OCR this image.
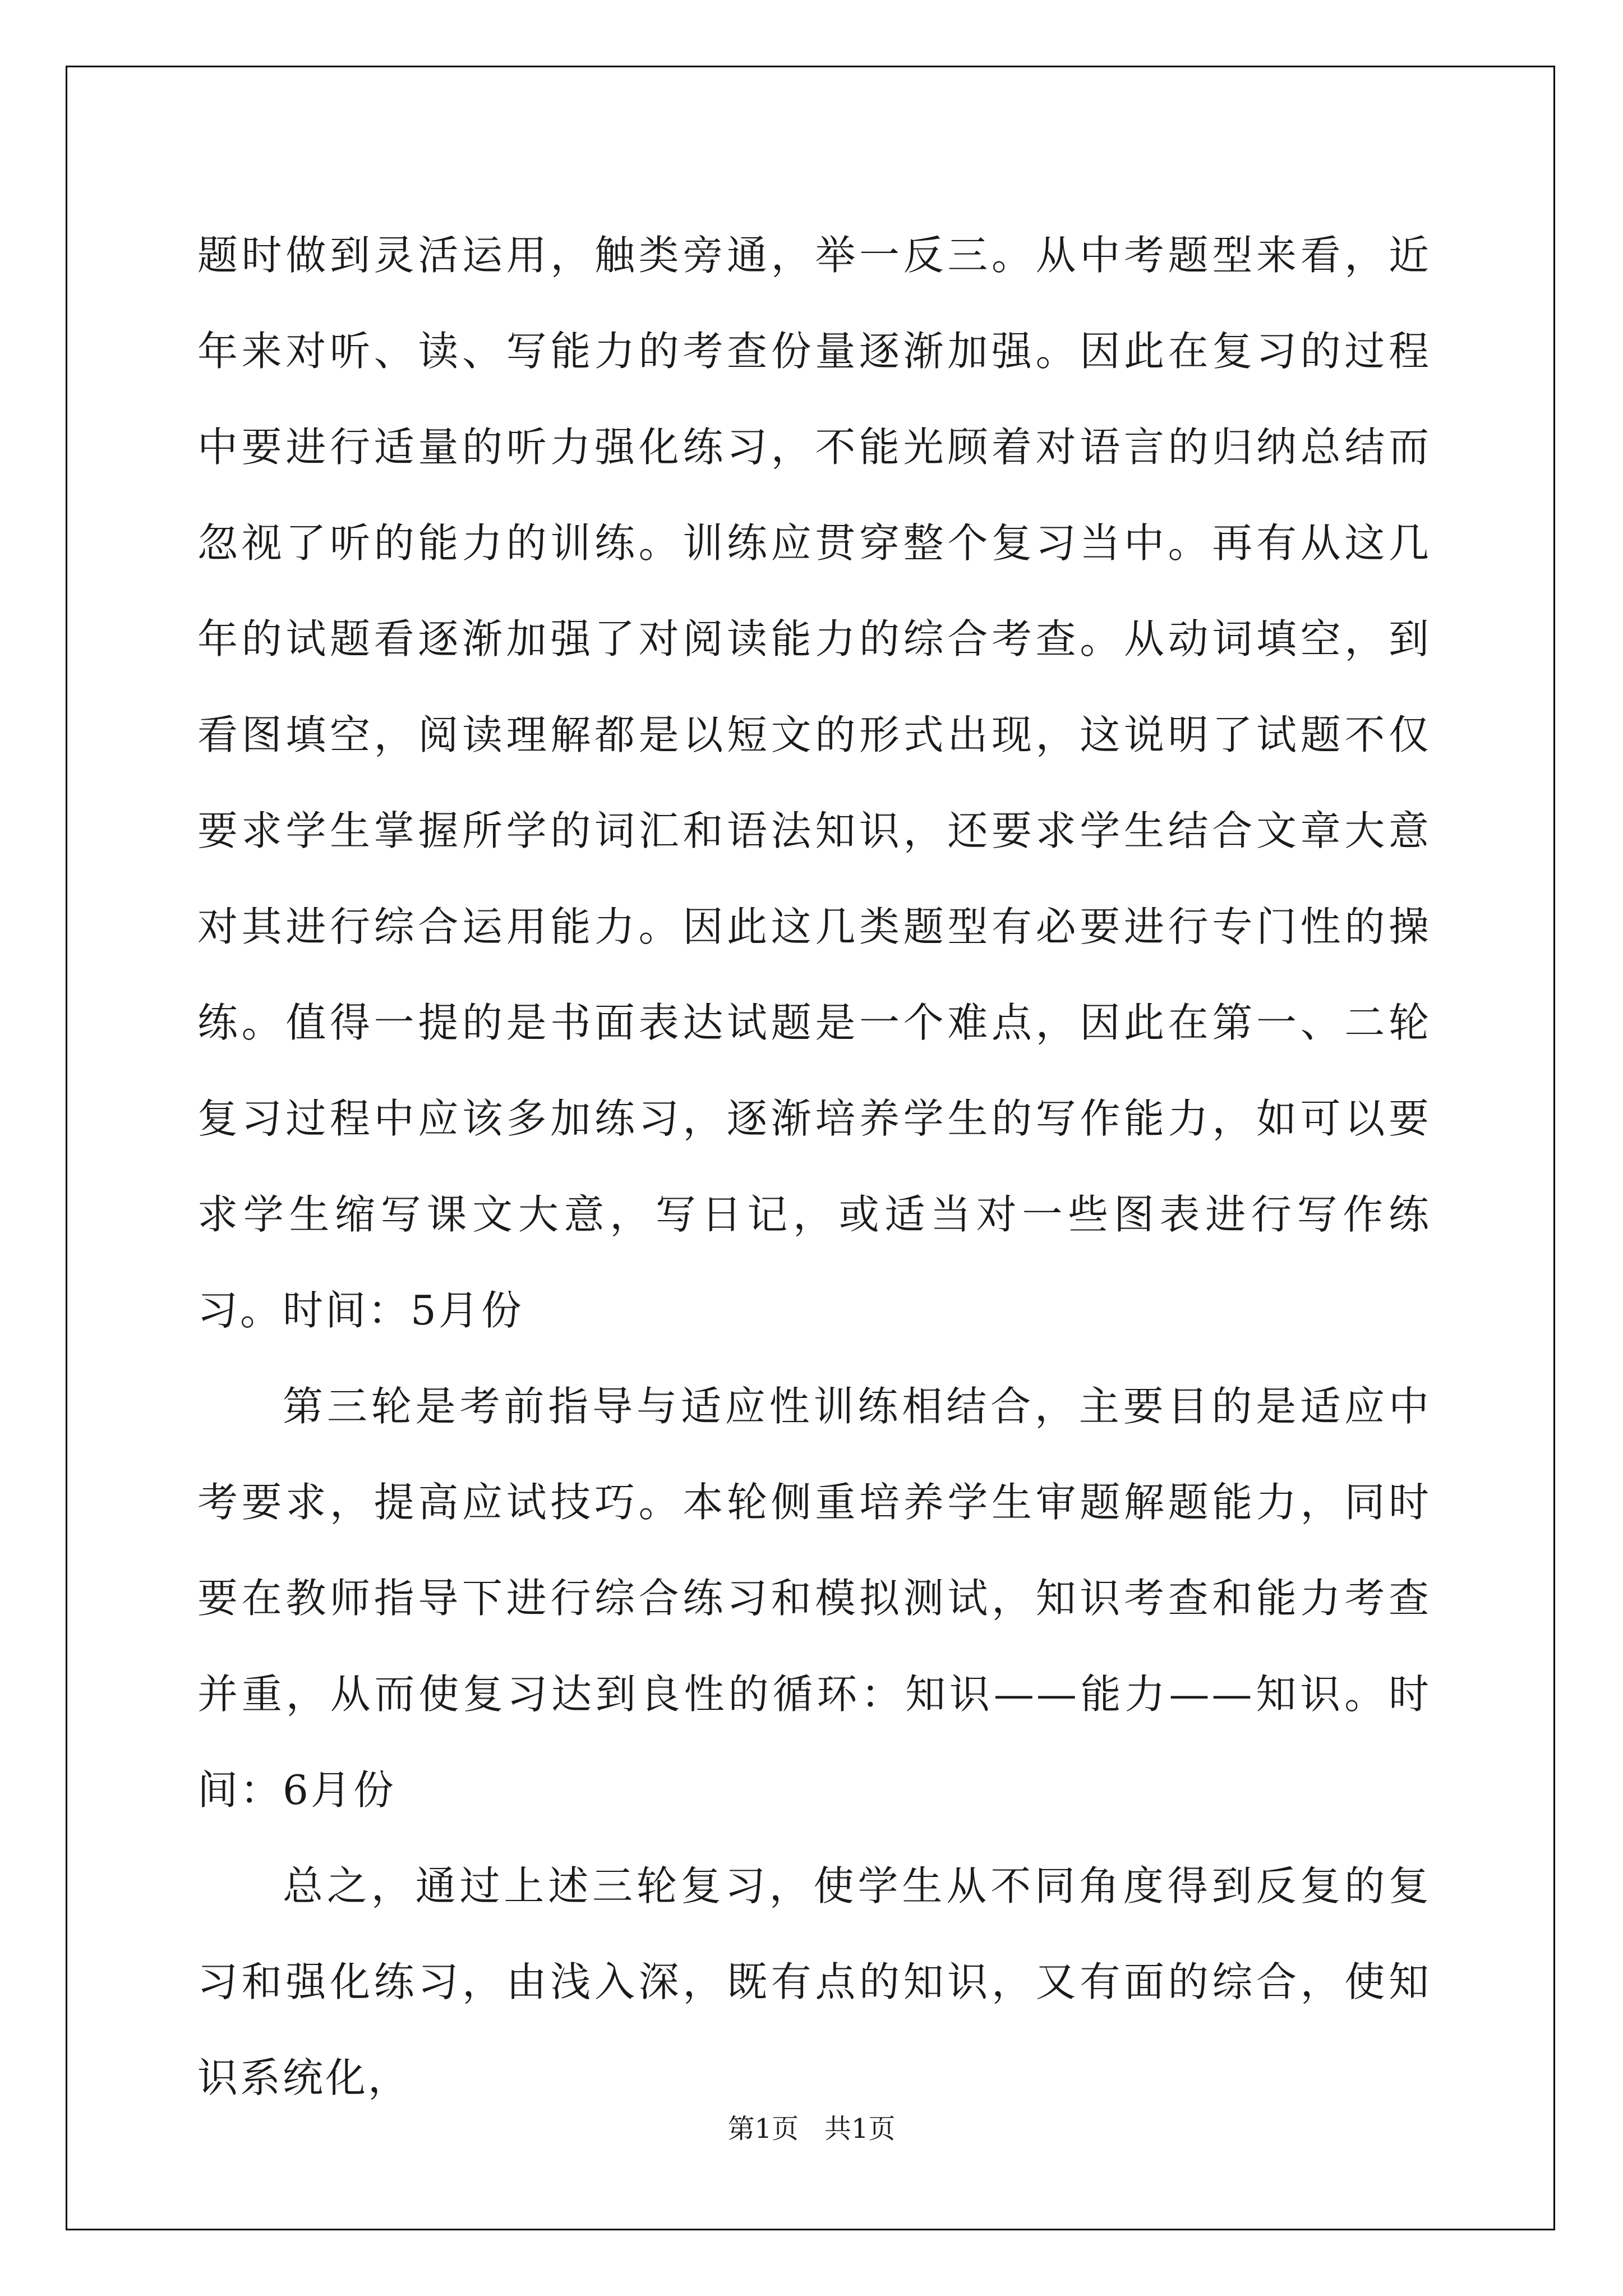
题时做到灵活运用，触类旁通，举一反三。从中考题型来看，近年来对听、读、写能力的考查份量逐渐加强。因此在复习的过程中要进行适量的听力强化练习，不能光顾着对语言的归纳总结而忽视了听的能力的训练。训练应贯穿整个复习当中。再有从这几年的试题看逐渐加强了对阅读能力的综合考查。从动词填空，到看图填空，阅读理解都是以短文的形式出现，这说明了试题不仅要求学生掌握所学的词汇和语法知识，还要求学生结合文章大意对其进行综合运用能力。因此这几类题型有必要进行专门性的操练。值得一提的是书面表达试题是一个难点，因此在第一、二轮复习过程中应该多加练习，逐渐培养学生的写作能力，如可以要求学生缩写课文大意，写日记，或适当对一些图表进行写作练习。时间：5月份

第三轮是考前指导与适应性训练相结合，主要目的是适应中考要求，提高应试技巧。本轮侧重培养学生审题解题能力，同时要在教师指导下进行综合练习和模拟测试，知识考查和能力考查并重，从而使复习达到良性的循环：知识——能力——知识。时间：6月份

总之，通过上述三轮复习，使学生从不同角度得到反复的复习和强化练习，由浅入深，既有点的知识，又有面的综合，使知识系统化，

第1页   共1页
